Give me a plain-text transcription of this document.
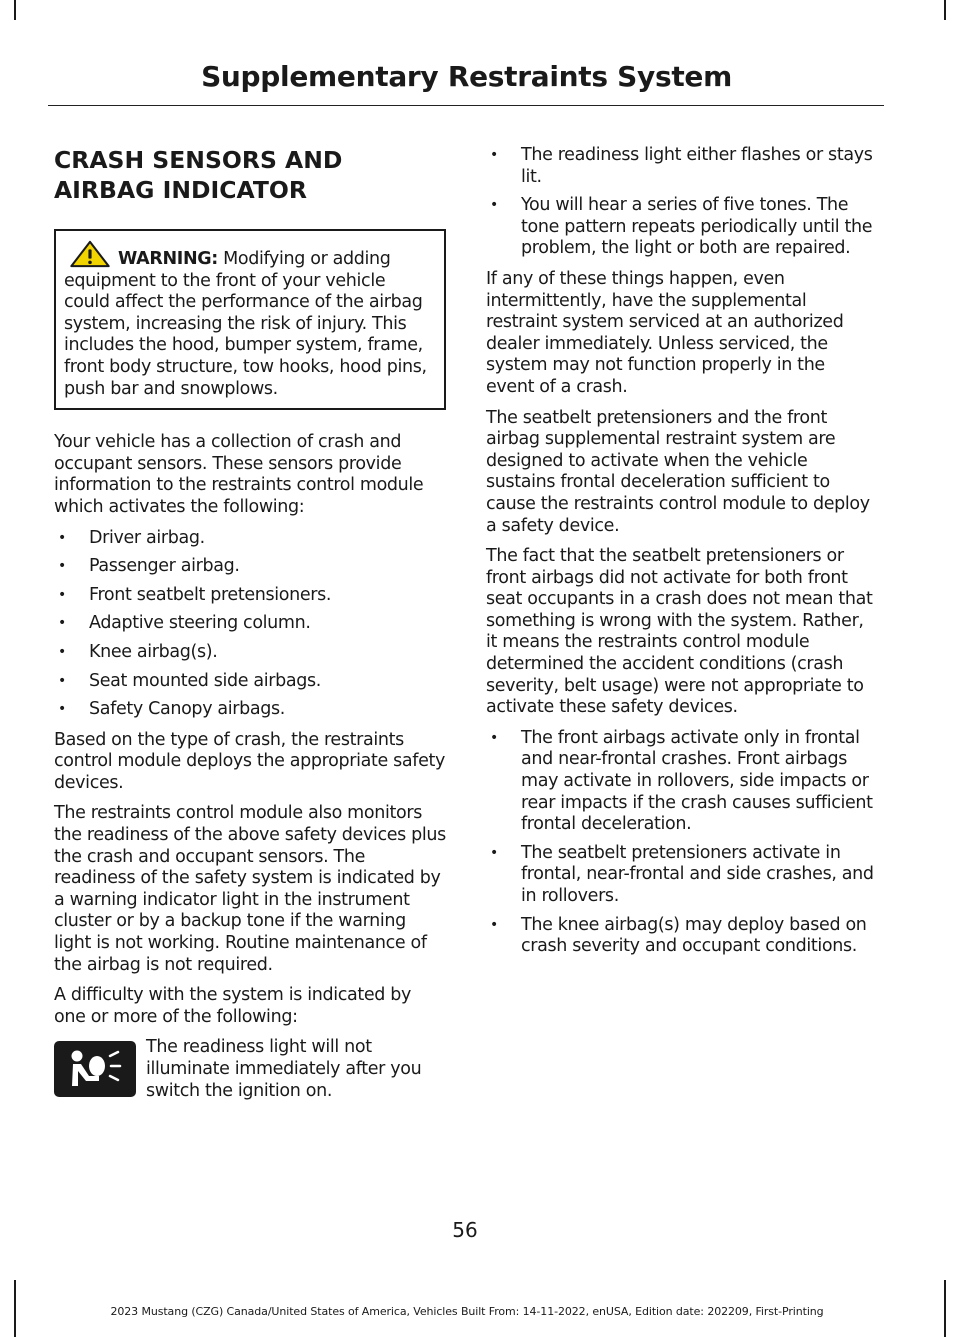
Supplementary Restraints System
CRASH SENSORS AND
AIRBAG INDICATOR
WARNING: Modifying or adding equipment to the front of your vehicle could affect the performance of the airbag system, increasing the risk of injury. This includes the hood, bumper system, frame, front body structure, tow hooks, hood pins, push bar and snowplows.

Your vehicle has a collection of crash and occupant sensors. These sensors provide information to the restraints control module which activates the following:

• Driver airbag.
• Passenger airbag.
• Front seatbelt pretensioners.
• Adaptive steering column.
• Knee airbag(s).
• Seat mounted side airbags.
• Safety Canopy airbags.

Based on the type of crash, the restraints control module deploys the appropriate safety devices.

The restraints control module also monitors the readiness of the above safety devices plus the crash and occupant sensors. The readiness of the safety system is indicated by a warning indicator light in the instrument cluster or by a backup tone if the warning light is not working. Routine maintenance of the airbag is not required.

A difficulty with the system is indicated by one or more of the following:

The readiness light will not illuminate immediately after you switch the ignition on.
• The readiness light either flashes or stays lit.
• You will hear a series of five tones. The tone pattern repeats periodically until the problem, the light or both are repaired.

If any of these things happen, even intermittently, have the supplemental restraint system serviced at an authorized dealer immediately. Unless serviced, the system may not function properly in the event of a crash.

The seatbelt pretensioners and the front airbag supplemental restraint system are designed to activate when the vehicle sustains frontal deceleration sufficient to cause the restraints control module to deploy a safety device.

The fact that the seatbelt pretensioners or front airbags did not activate for both front seat occupants in a crash does not mean that something is wrong with the system. Rather, it means the restraints control module determined the accident conditions (crash severity, belt usage) were not appropriate to activate these safety devices.

• The front airbags activate only in frontal and near-frontal crashes. Front airbags may activate in rollovers, side impacts or rear impacts if the crash causes sufficient frontal deceleration.
• The seatbelt pretensioners activate in frontal, near-frontal and side crashes, and in rollovers.
• The knee airbag(s) may deploy based on crash severity and occupant conditions.
56
2023 Mustang (CZG) Canada/United States of America, Vehicles Built From: 14-11-2022, enUSA, Edition date: 202209, First-Printing
